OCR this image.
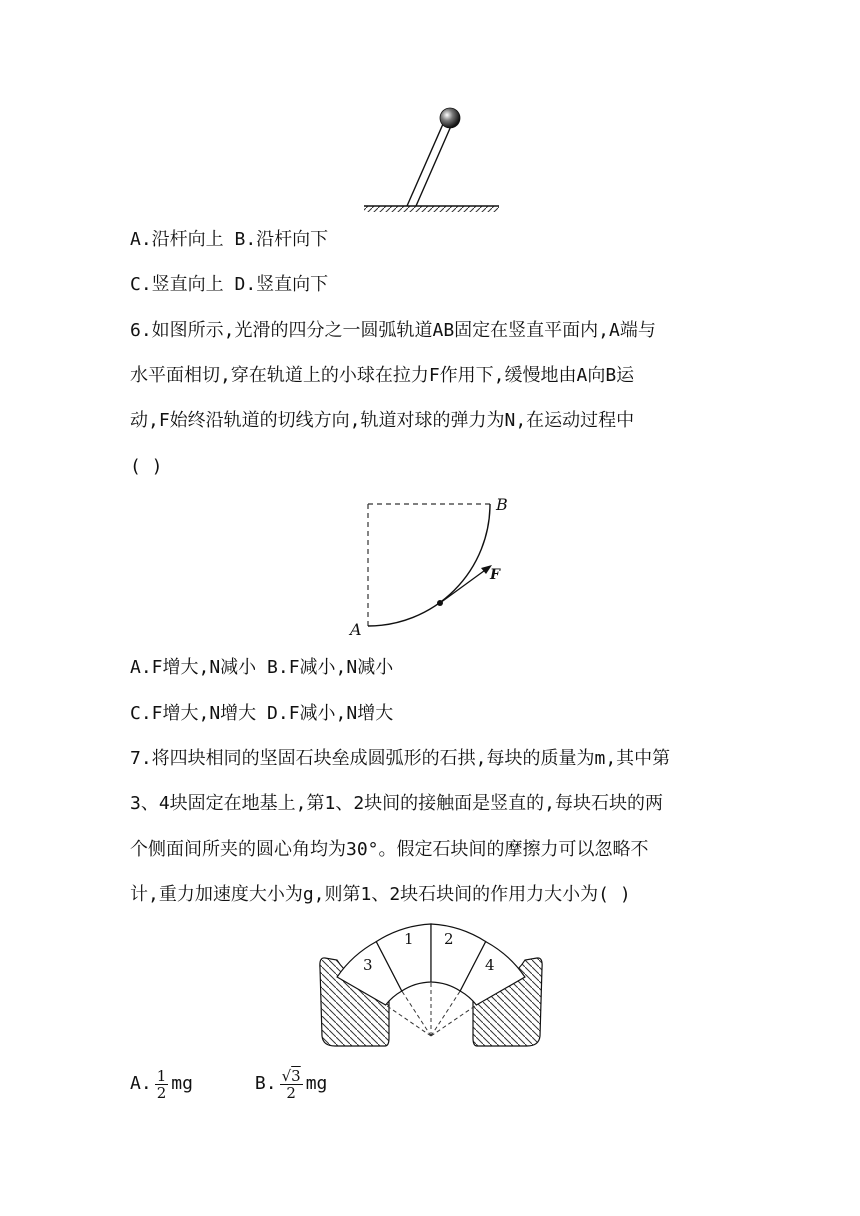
A.沿杆向上 B.沿杆向下
C.竖直向上 D.竖直向下
6.如图所示,光滑的四分之一圆弧轨道AB固定在竖直平面内,A端与
水平面相切,穿在轨道上的小球在拉力F作用下,缓慢地由A向B运
动,F始终沿轨道的切线方向,轨道对球的弹力为N,在运动过程中
( )
A
B
F
A.F增大,N减小 B.F减小,N减小
C.F增大,N增大 D.F减小,N增大
7.将四块相同的坚固石块垒成圆弧形的石拱,每块的质量为m,其中第
3、4块固定在地基上,第1、2块间的接触面是竖直的,每块石块的两
个侧面间所夹的圆心角均为30°。假定石块间的摩擦力可以忽略不
计,重力加速度大小为g,则第1、2块石块间的作用力大小为( )
3
1 2
4
A. $\frac{1}{2}$ mg	B. $\frac{√3}{2}$ mg
